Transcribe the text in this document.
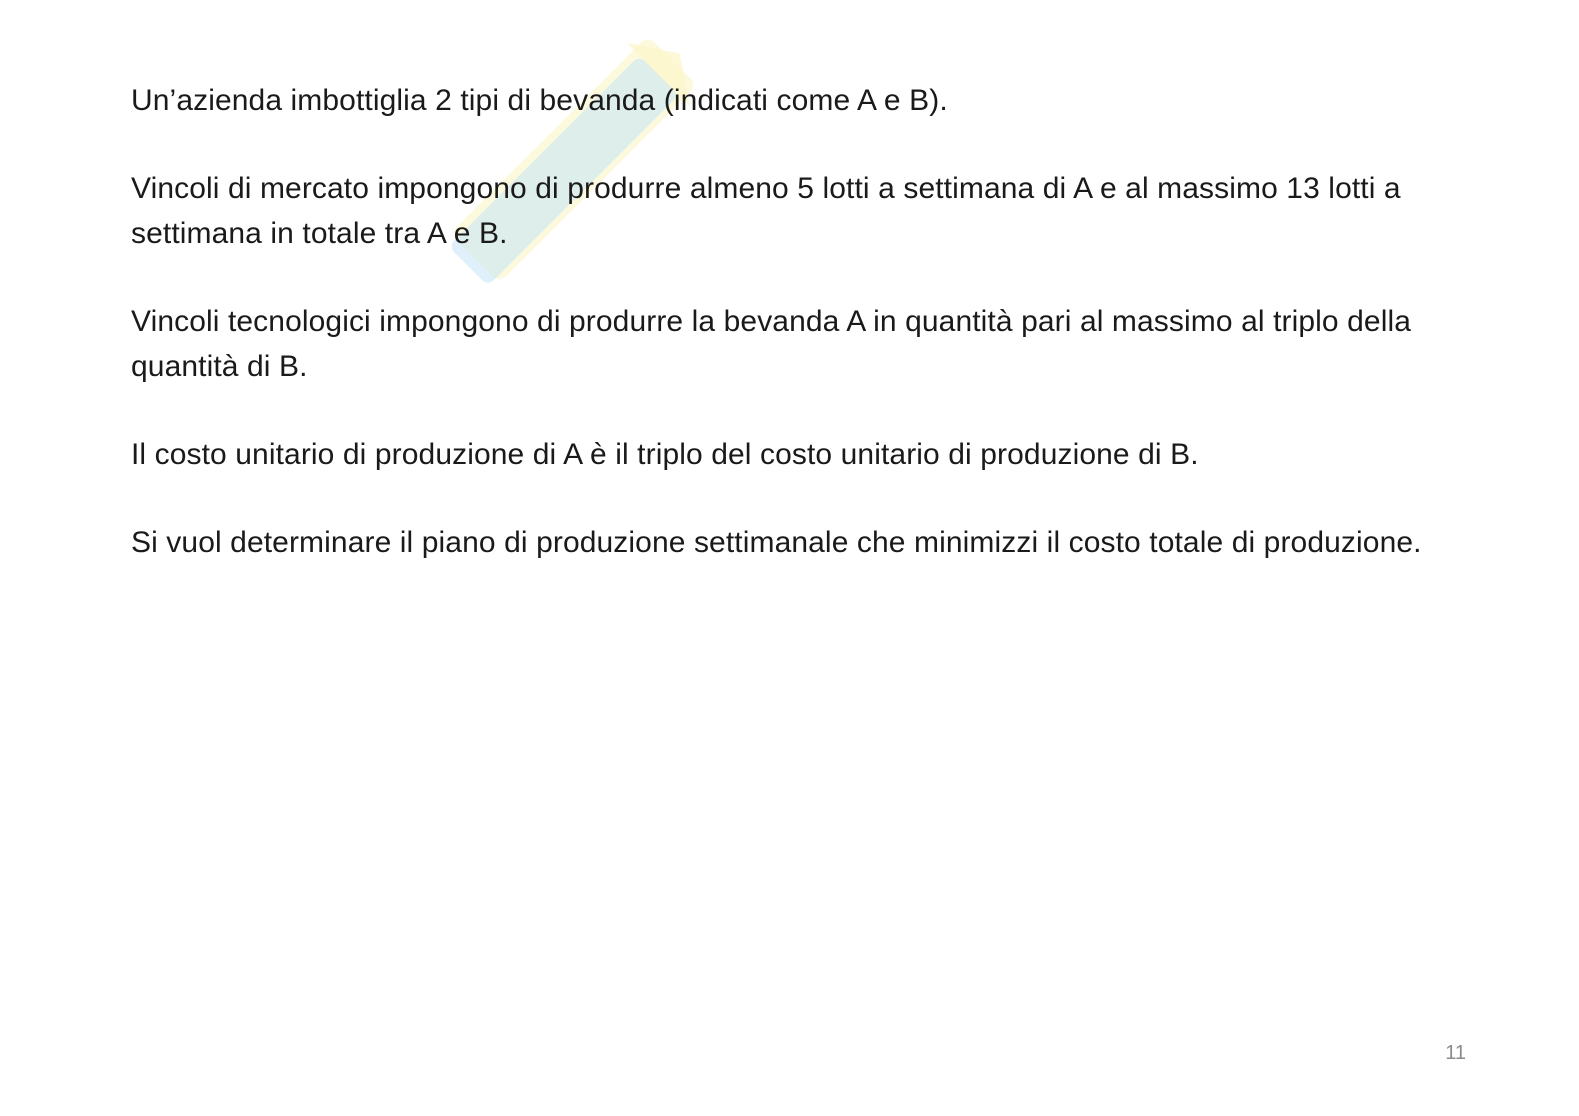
Un’azienda imbottiglia 2 tipi di bevanda (indicati come A e B).

Vincoli di mercato impongono di produrre almeno 5 lotti a settimana di A e al massimo 13 lotti a settimana in totale tra A e B.

Vincoli tecnologici impongono di produrre la bevanda A in quantità pari al massimo al triplo della quantità di B.

Il costo unitario di produzione di A è il triplo del costo unitario di produzione di B.

Si vuol determinare il piano di produzione settimanale che minimizzi il costo totale di produzione.

11
